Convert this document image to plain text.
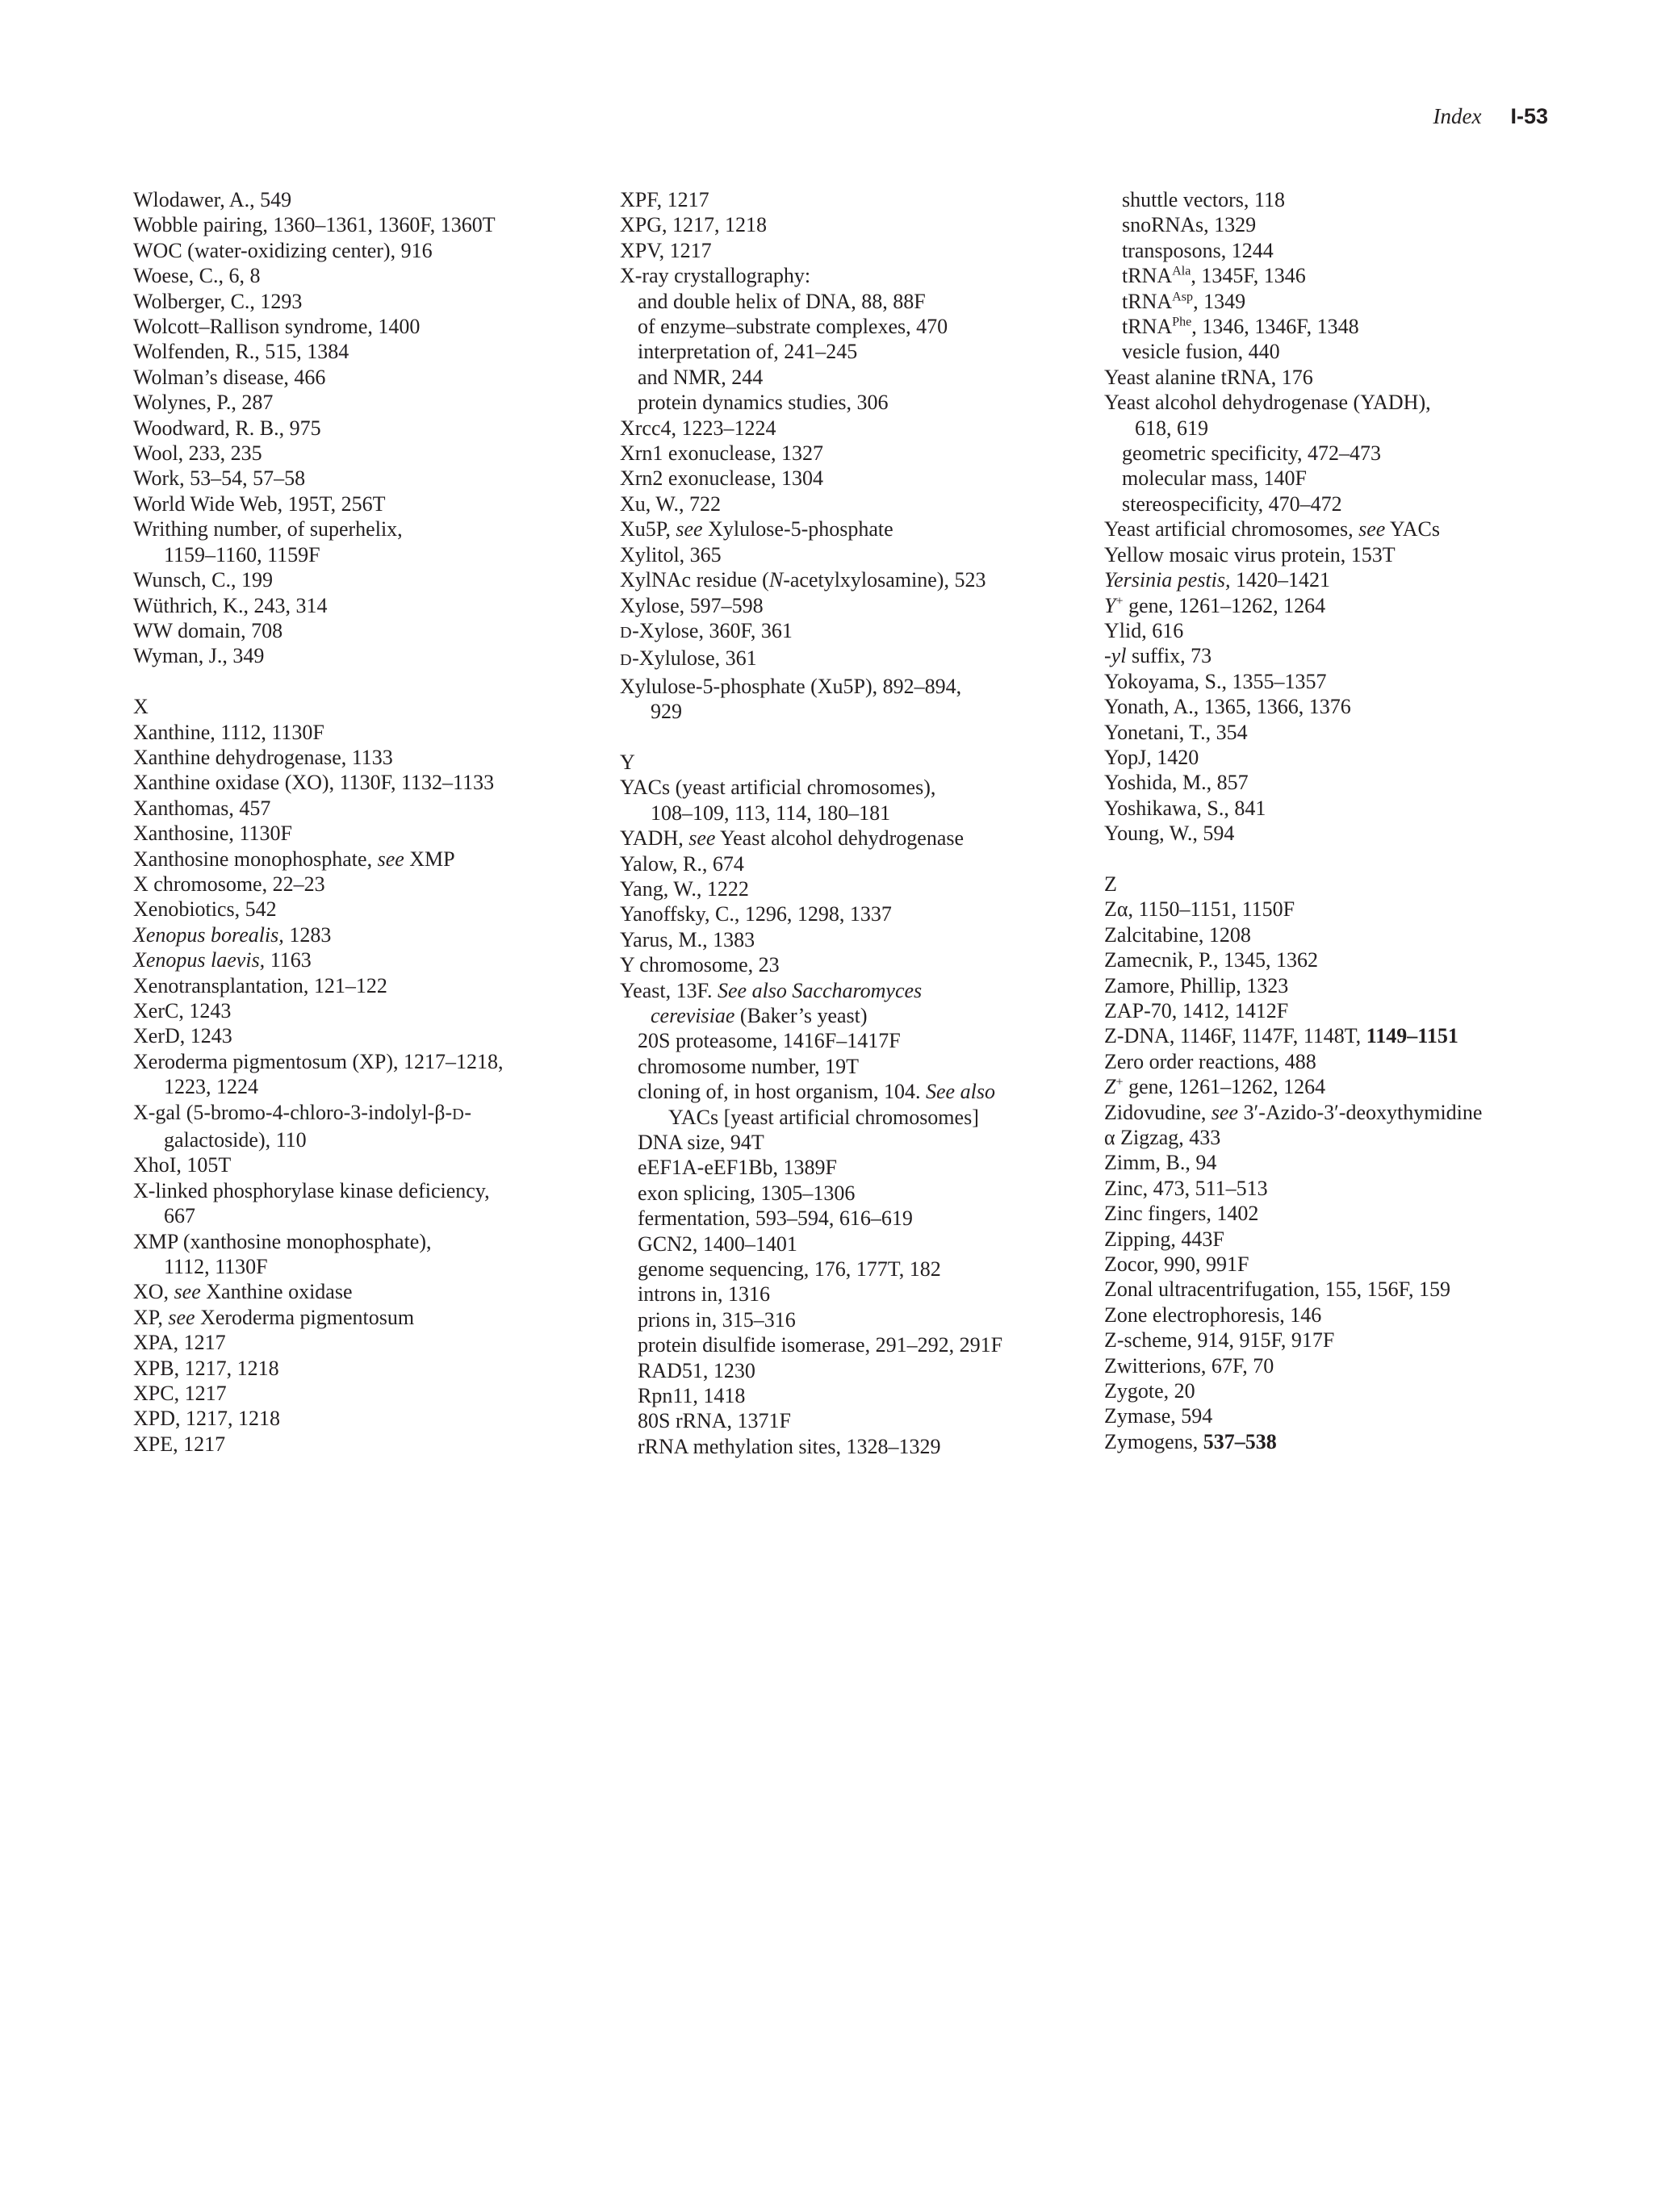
Index I-53

Wlodawer, A., 549

Wobble pairing, 1360–1361, 1360F, 1360T

WOC (water-oxidizing center), 916

Woese, C., 6, 8

Wolberger, C., 1293

Wolcott–Rallison syndrome, 1400

Wolfenden, R., 515, 1384

Wolman’s disease, 466

Wolynes, P., 287

Woodward, R. B., 975

Wool, 233, 235

Work, 53–54, 57–58

World Wide Web, 195T, 256T

Writhing number, of superhelix,
1159–1160, 1159F

Wunsch, C., 199

Wüthrich, K., 243, 314

WW domain, 708

Wyman, J., 349

X

Xanthine, 1112, 1130F

Xanthine dehydrogenase, 1133

Xanthine oxidase (XO), 1130F, 1132–1133

Xanthomas, 457

Xanthosine, 1130F

Xanthosine monophosphate, see XMP

X chromosome, 22–23

Xenobiotics, 542

Xenopus borealis, 1283

Xenopus laevis, 1163

Xenotransplantation, 121–122

XerC, 1243

XerD, 1243

Xeroderma pigmentosum (XP), 1217–1218,
1223, 1224

X-gal (5-bromo-4-chloro-3-indolyl-β-D-
galactoside), 110

XhoI, 105T

X-linked phosphorylase kinase deficiency,
667

XMP (xanthosine monophosphate),
1112, 1130F

XO, see Xanthine oxidase

XP, see Xeroderma pigmentosum

XPA, 1217

XPB, 1217, 1218

XPC, 1217

XPD, 1217, 1218

XPE, 1217

XPF, 1217

XPG, 1217, 1218

XPV, 1217

X-ray crystallography:

and double helix of DNA, 88, 88F

of enzyme–substrate complexes, 470

interpretation of, 241–245

and NMR, 244

protein dynamics studies, 306

Xrcc4, 1223–1224

Xrn1 exonuclease, 1327

Xrn2 exonuclease, 1304

Xu, W., 722

Xu5P, see Xylulose-5-phosphate

Xylitol, 365

XylNAc residue (N-acetylxylosamine), 523

Xylose, 597–598

D-Xylose, 360F, 361

D-Xylulose, 361

Xylulose-5-phosphate (Xu5P), 892–894,
929

Y

YACs (yeast artificial chromosomes),
108–109, 113, 114, 180–181

YADH, see Yeast alcohol dehydrogenase

Yalow, R., 674

Yang, W., 1222

Yanoffsky, C., 1296, 1298, 1337

Yarus, M., 1383

Y chromosome, 23

Yeast, 13F. See also Saccharomyces
cerevisiae (Baker’s yeast)

20S proteasome, 1416F–1417F

chromosome number, 19T

cloning of, in host organism, 104. See also
YACs [yeast artificial chromosomes]

DNA size, 94T

eEF1A-eEF1Bb, 1389F

exon splicing, 1305–1306

fermentation, 593–594, 616–619

GCN2, 1400–1401

genome sequencing, 176, 177T, 182

introns in, 1316

prions in, 315–316

protein disulfide isomerase, 291–292, 291F

RAD51, 1230

Rpn11, 1418

80S rRNA, 1371F

rRNA methylation sites, 1328–1329

shuttle vectors, 118

snoRNAs, 1329

transposons, 1244

tRNA$^{Ala}$, 1345F, 1346

tRNA$^{Asp}$, 1349

tRNA$^{Phe}$, 1346, 1346F, 1348

vesicle fusion, 440

Yeast alanine tRNA, 176

Yeast alcohol dehydrogenase (YADH),
618, 619

geometric specificity, 472–473

molecular mass, 140F

stereospecificity, 470–472

Yeast artificial chromosomes, see YACs

Yellow mosaic virus protein, 153T

Yersinia pestis, 1420–1421

Y+ gene, 1261–1262, 1264

Ylid, 616

-yl suffix, 73

Yokoyama, S., 1355–1357

Yonath, A., 1365, 1366, 1376

Yonetani, T., 354

YopJ, 1420

Yoshida, M., 857

Yoshikawa, S., 841

Young, W., 594

Z

Zα, 1150–1151, 1150F

Zalcitabine, 1208

Zamecnik, P., 1345, 1362

Zamore, Phillip, 1323

ZAP-70, 1412, 1412F

Z-DNA, 1146F, 1147F, 1148T, 1149–1151

Zero order reactions, 488

Z+ gene, 1261–1262, 1264

Zidovudine, see 3′-Azido-3′-deoxythymidine

α Zigzag, 433

Zimm, B., 94

Zinc, 473, 511–513

Zinc fingers, 1402

Zipping, 443F

Zocor, 990, 991F

Zonal ultracentrifugation, 155, 156F, 159

Zone electrophoresis, 146

Z-scheme, 914, 915F, 917F

Zwitterions, 67F, 70

Zygote, 20

Zymase, 594

Zymogens, 537–538
